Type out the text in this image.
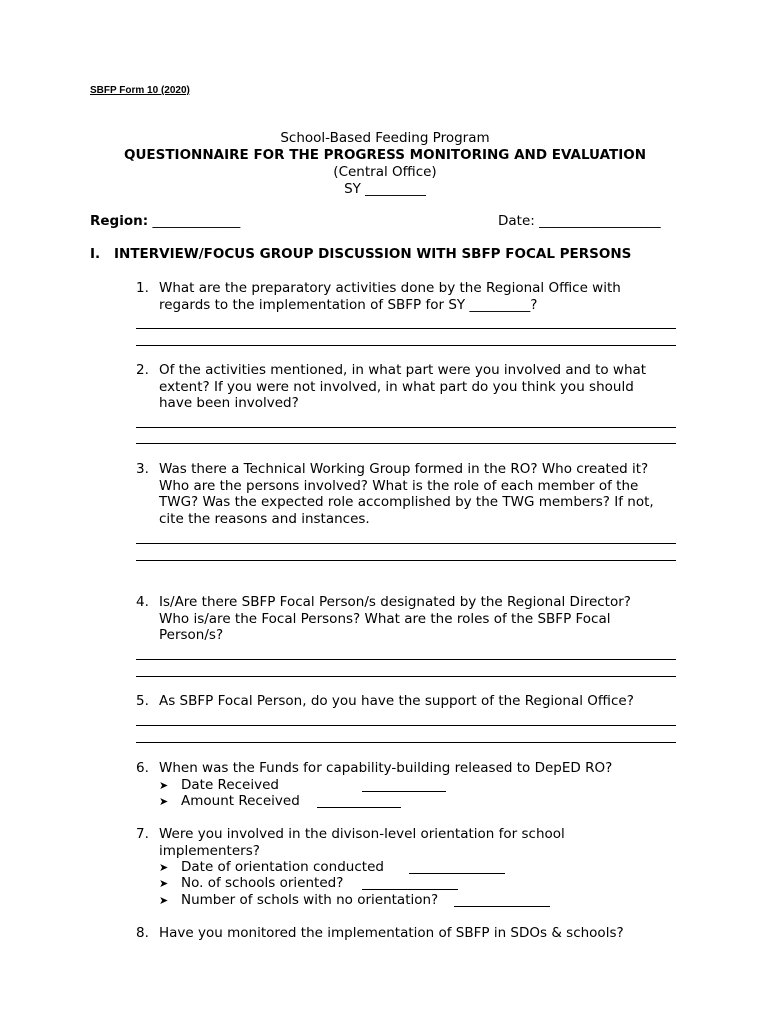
SBFP Form 10 (2020)
School-Based Feeding Program
QUESTIONNAIRE FOR THE PROGRESS MONITORING AND EVALUATION
(Central Office)
SY _________
Region: _____________	Date: __________________
I. INTERVIEW/FOCUS GROUP DISCUSSION WITH SBFP FOCAL PERSONS
1. What are the preparatory activities done by the Regional Office with
regards to the implementation of SBFP for SY _________?
2. Of the activities mentioned, in what part were you involved and to what
extent? If you were not involved, in what part do you think you should
have been involved?
3. Was there a Technical Working Group formed in the RO? Who created it?
Who are the persons involved? What is the role of each member of the
TWG? Was the expected role accomplished by the TWG members? If not,
cite the reasons and instances.
4. Is/Are there SBFP Focal Person/s designated by the Regional Director?
Who is/are the Focal Persons? What are the roles of the SBFP Focal
Person/s?
5. As SBFP Focal Person, do you have the support of the Regional Office?
6. When was the Funds for capability-building released to DepED RO?
➤ Date Received
➤ Amount Received
7. Were you involved in the divison-level orientation for school
implementers?
➤ Date of orientation conducted
➤ No. of schools oriented?
➤ Number of schols with no orientation?
8. Have you monitored the implementation of SBFP in SDOs & schools?
